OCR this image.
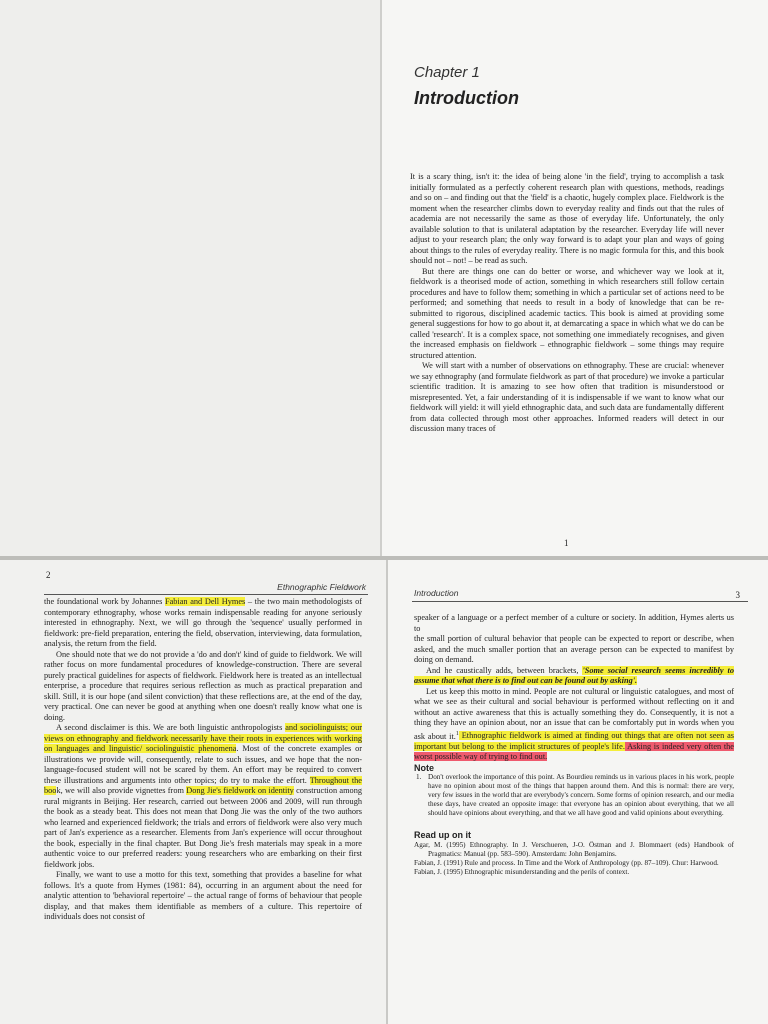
Chapter 1
Introduction

It is a scary thing, isn't it: the idea of being alone 'in the field', trying to accomplish a task initially formulated as a perfectly coherent research plan with questions, methods, readings and so on – and finding out that the 'field' is a chaotic, hugely complex place. Fieldwork is the moment when the researcher climbs down to everyday reality and finds out that the rules of academia are not necessarily the same as those of everyday life. Unfortunately, the only available solution to that is unilateral adaptation by the researcher. Everyday life will never adjust to your research plan; the only way forward is to adapt your plan and ways of going about things to the rules of everyday reality. There is no magic formula for this, and this book should not – not! – be read as such.

But there are things one can do better or worse, and whichever way we look at it, fieldwork is a theorised mode of action, something in which researchers still follow certain procedures and have to follow them; something in which a particular set of actions need to be performed; and something that needs to result in a body of knowledge that can be re-submitted to rigorous, disciplined academic tactics. This book is aimed at providing some general suggestions for how to go about it, at demarcating a space in which what we do can be called 'research'. It is a complex space, not something one immediately recognises, and given the increased emphasis on fieldwork – ethnographic fieldwork – some things may require structured attention.

We will start with a number of observations on ethnography. These are crucial: whenever we say ethnography (and formulate fieldwork as part of that procedure) we invoke a particular scientific tradition. It is amazing to see how often that tradition is misunderstood or misrepresented. Yet, a fair understanding of it is indispensable if we want to know what our fieldwork will yield: it will yield ethnographic data, and such data are fundamentally different from data collected through most other approaches. Informed readers will detect in our discussion many traces of

1
2
Ethnographic Fieldwork

the foundational work by Johannes Fabian and Dell Hymes – the two main methodologists of contemporary ethnography, whose works remain indispensable reading for anyone seriously interested in ethnography. Next, we will go through the 'sequence' usually performed in fieldwork: pre-field preparation, entering the field, observation, interviewing, data formulation, analysis, the return from the field.

One should note that we do not provide a 'do and don't' kind of guide to fieldwork. We will rather focus on more fundamental procedures of knowledge-construction. There are several purely practical guidelines for aspects of fieldwork. Fieldwork here is treated as an intellectual enterprise, a procedure that requires serious reflection as much as practical preparation and skill. Still, it is our hope (and silent conviction) that these reflections are, at the end of the day, very practical. One can never be good at anything when one doesn't really know what one is doing.

A second disclaimer is this. We are both linguistic anthropologists and sociolinguists; our views on ethnography and fieldwork necessarily have their roots in experiences with working on languages and linguistic/ sociolinguistic phenomena. Most of the concrete examples or illustrations we provide will, consequently, relate to such issues, and we hope that the non-language-focused student will not be scared by them. An effort may be required to convert these illustrations and arguments into other topics; do try to make the effort. Throughout the book, we will also provide vignettes from Dong Jie's fieldwork on identity construction among rural migrants in Beijing. Her research, carried out between 2006 and 2009, will run through the book as a steady beat. This does not mean that Dong Jie was the only of the two authors who learned and experienced fieldwork; the trials and errors of fieldwork were also very much part of Jan's experience as a researcher. Elements from Jan's experience will occur throughout the book, especially in the final chapter. But Dong Jie's fresh materials may speak in a more authentic voice to our preferred readers: young researchers who are embarking on their first fieldwork jobs.

Finally, we want to use a motto for this text, something that provides a baseline for what follows. It's a quote from Hymes (1981: 84), occurring in an argument about the need for analytic attention to 'behavioral repertoire' – the actual range of forms of behaviour that people display, and that makes them identifiable as members of a culture. This repertoire of individuals does not consist of

Introduction	3

speaker of a language or a perfect member of a culture or society. In addition, Hymes alerts us to

the small portion of cultural behavior that people can be expected to report or describe, when asked, and the much smaller portion that an average person can be expected to manifest by doing on demand.

And he caustically adds, between brackets, 'Some social research seems incredibly to assume that what there is to find out can be found out by asking'.

Let us keep this motto in mind. People are not cultural or linguistic catalogues, and most of what we see as their cultural and social behaviour is performed without reflecting on it and without an active awareness that this is actually something they do. Consequently, it is not a thing they have an opinion about, nor an issue that can be comfortably put in words when you ask about it.$^1$ Ethnographic fieldwork is aimed at finding out things that are often not seen as important but belong to the implicit structures of people's life. Asking is indeed very often the worst possible way of trying to find out.

Note

1. Don't overlook the importance of this point. As Bourdieu reminds us in various places in his work, people have no opinion about most of the things that happen around them. And this is normal: there are very, very few issues in the world that are everybody's concern. Some forms of opinion research, and our media these days, have created an opposite image: that everyone has an opinion about everything, that we all should have opinions about everything, and that we all have good and valid opinions about everything.

Read up on it

Agar, M. (1995) Ethnography. In J. Verschueren, J-O. Östman and J. Blommaert (eds) Handbook of Pragmatics: Manual (pp. 583–590). Amsterdam: John Benjamins.

Fabian, J. (1991) Rule and process. In Time and the Work of Anthropology (pp. 87–109). Chur: Harwood.

Fabian, J. (1995) Ethnographic misunderstanding and the perils of context.
